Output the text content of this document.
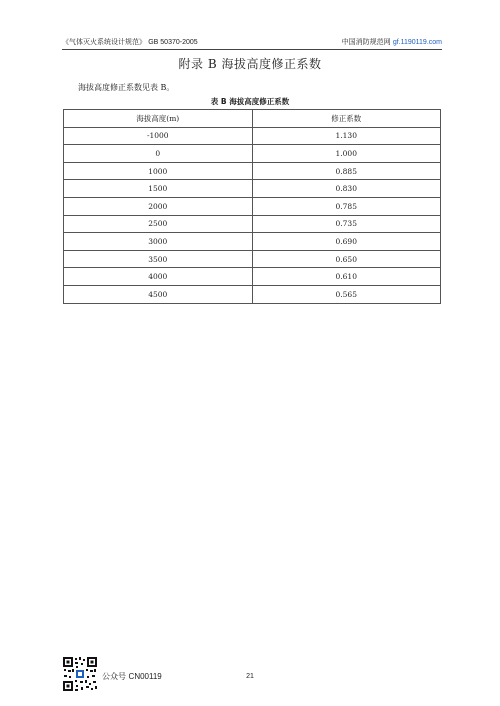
《气体灭火系统设计规范》 GB 50370-2005	中国消防规范网 gf.1190119.com
附录 B 海拔高度修正系数
海拔高度修正系数见表 B。
表 B 海拔高度修正系数
海拔高度(m)	修正系数
-1000	1.130
0	1.000
1000	0.885
1500	0.830
2000	0.785
2500	0.735
3000	0.690
3500	0.650
4000	0.610
4500	0.565
公众号 CN00119	21
